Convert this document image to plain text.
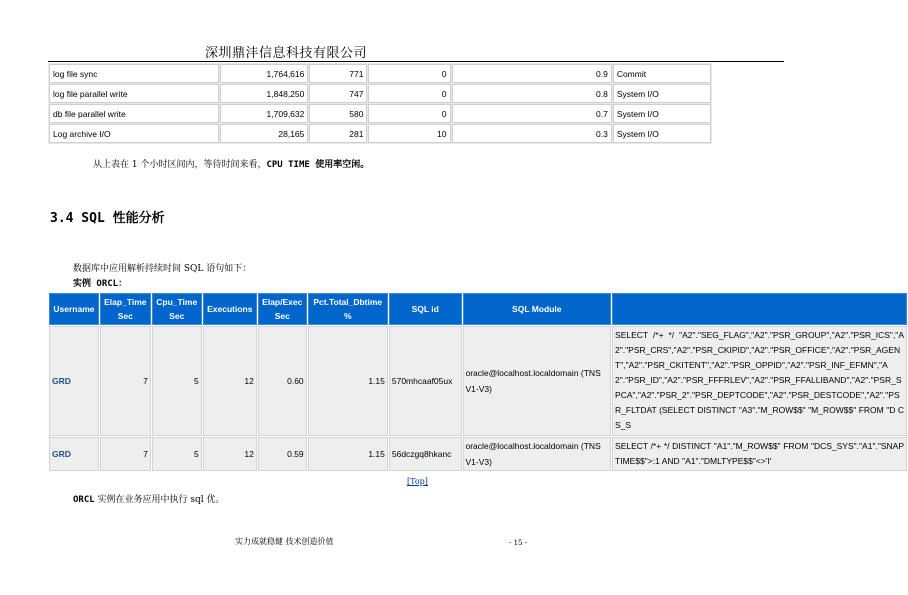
深圳鼎沣信息科技有限公司
log file sync	1,764,616	771	0	0.9	Commit
log file parallel write	1,848,250	747	0	0.8	System I/O
db file parallel write	1,709,632	580	0	0.7	System I/O
Log archive I/O	28,165	281	10	0.3	System I/O
从上表在 1 个小时区间内，等待时间来看，CPU TIME 使用率空闲。
3.4 SQL 性能分析
数据库中应用解析持续时间 SQL 语句如下：
实例 ORCL：
Username	Elap_Time Sec	Cpu_Time Sec	Executions	Elap/Exec Sec	Pct.Total_Dbtime %	SQL id	SQL Module	
GRD	7	5	12	0.60	1.15	570mhcaaf05ux	oracle@localhost.localdomain (TNS V1-V3)	SELECT /*+ */ "A2"."SEG_FLAG","A2"."PSR_GROUP","A2"."PSR_ICS","A2"."PSR_CRS","A2"."PSR_CKIPID","A2"."PSR_OFFICE","A2"."PSR_AGENT","A2"."PSR_CKITENT","A2"."PSR_OPPID","A2"."PSR_INF_EFMN","A2"."PSR_ID","A2"."PSR_FFFRLEV","A2"."PSR_FFALLIBAND","A2"."PSR_SPCA","A2"."PSR_2"."PSR_DEPTCODE","A2"."PSR_DESTCODE","A2"."PSR_FLTDAT (SELECT DISTINCT "A3"."M_ROW$$" "M_ROW$$" FROM "D CS_S
GRD	7	5	12	0.59	1.15	56dczgq8hkanc	oracle@localhost.localdomain (TNS V1-V3)	SELECT /*+ */ DISTINCT "A1"."M_ROW$$" FROM "DCS_SYS"."A1"."SNAPTIME$$">:1 AND "A1"."DMLTYPE$$"<>'I'
[Top]
ORCL 实例在业务应用中执行 sql 优。
实力成就稳健 技术创造价值	- 15 -
